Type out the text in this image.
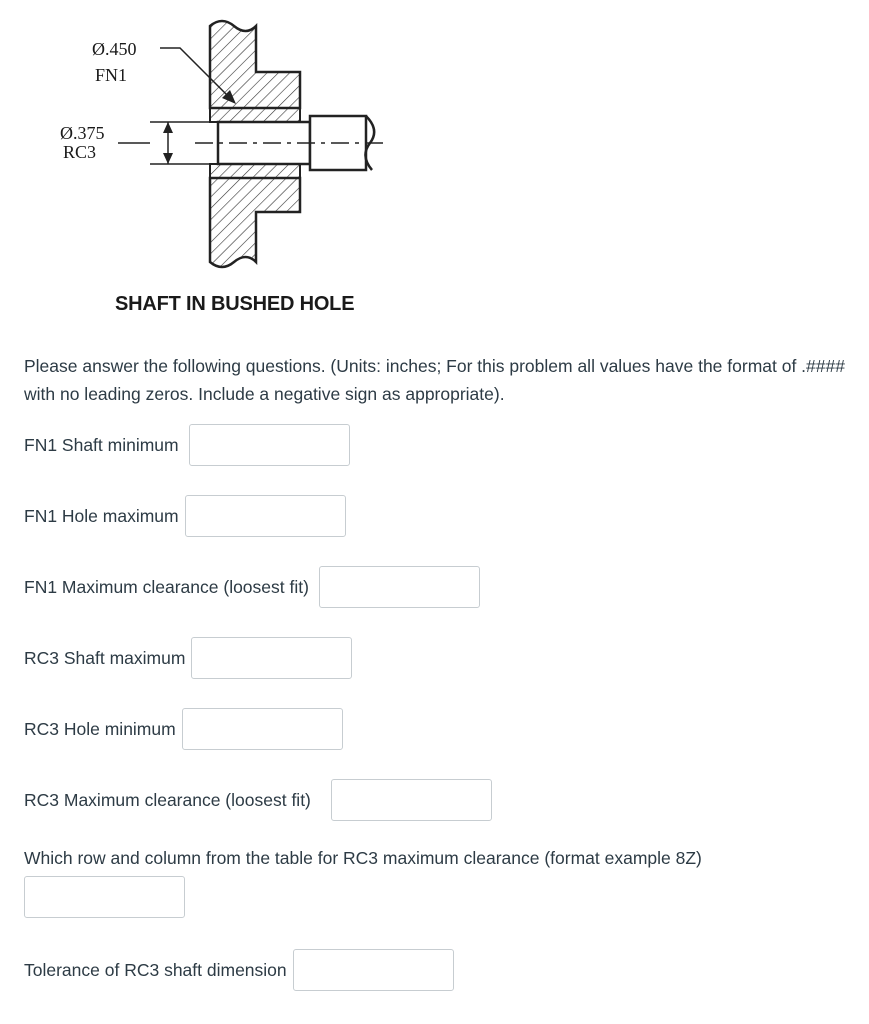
Ø.450
FN1
Ø.375
RC3
SHAFT IN BUSHED HOLE
Please answer the following questions. (Units: inches; For this problem all values have the format of .#### with no leading zeros. Include a negative sign as appropriate).
FN1 Shaft minimum
FN1 Hole maximum
FN1 Maximum clearance (loosest fit)
RC3 Shaft maximum
RC3 Hole minimum
RC3 Maximum clearance (loosest fit)
Which row and column from the table for RC3 maximum clearance (format example 8Z)
Tolerance of RC3 shaft dimension
